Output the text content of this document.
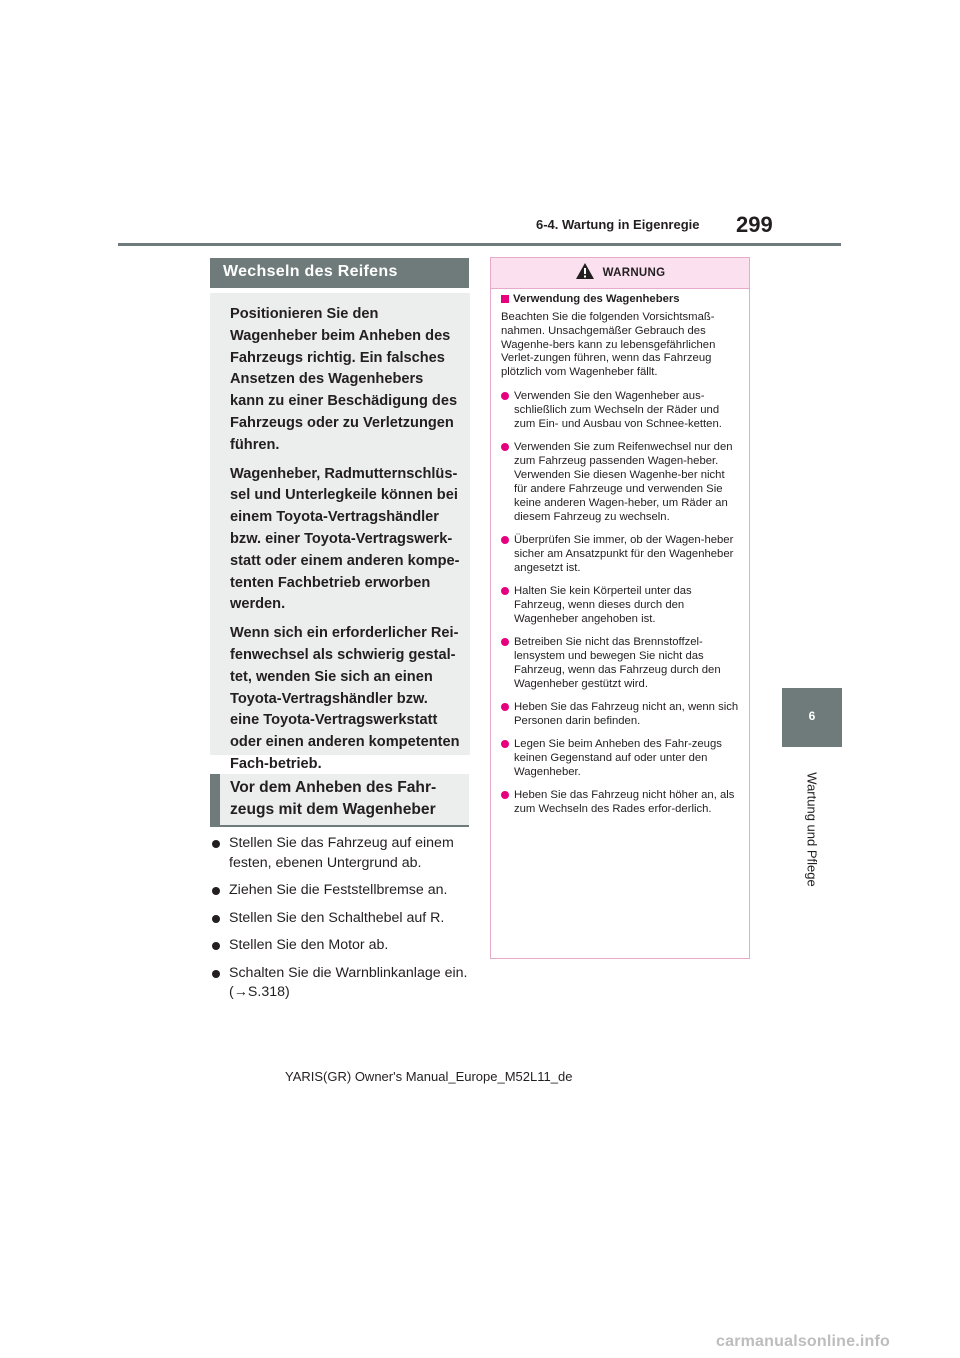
6-4. Wartung in Eigenregie 299
6
Wartung und Pflege
Wechseln des Reifens

Positionieren Sie den Wagenheber beim Anheben des Fahrzeugs richtig. Ein falsches Ansetzen des Wagenhebers kann zu einer Beschädigung des Fahrzeugs oder zu Verletzungen führen.

Wagenheber, Radmutternschlüs-sel und Unterlegkeile können bei einem Toyota-Vertragshändler bzw. einer Toyota-Vertragswerk-statt oder einem anderen kompe-tenten Fachbetrieb erworben werden.

Wenn sich ein erforderlicher Rei-fenwechsel als schwierig gestal-tet, wenden Sie sich an einen Toyota-Vertragshändler bzw. eine Toyota-Vertragswerkstatt oder einen anderen kompetenten Fach-betrieb.

Vor dem Anheben des Fahr-zeugs mit dem Wagenheber
Stellen Sie das Fahrzeug auf einem festen, ebenen Untergrund ab.
Ziehen Sie die Feststellbremse an.
Stellen Sie den Schalthebel auf R.
Stellen Sie den Motor ab.
Schalten Sie die Warnblinkanlage ein. (→S.318)
WARNUNG
Verwendung des Wagenhebers

Beachten Sie die folgenden Vorsichtsmaß-nahmen. Unsachgemäßer Gebrauch des Wagenhe-bers kann zu lebensgefährlichen Verlet-zungen führen, wenn das Fahrzeug plötzlich vom Wagenheber fällt.

Verwenden Sie den Wagenheber aus-schließlich zum Wechseln der Räder und zum Ein- und Ausbau von Schnee-ketten.
Verwenden Sie zum Reifenwechsel nur den zum Fahrzeug passenden Wagen-heber. Verwenden Sie diesen Wagenhe-ber nicht für andere Fahrzeuge und verwenden Sie keine anderen Wagen-heber, um Räder an diesem Fahrzeug zu wechseln.
Überprüfen Sie immer, ob der Wagen-heber sicher am Ansatzpunkt für den Wagenheber angesetzt ist.
Halten Sie kein Körperteil unter das Fahrzeug, wenn dieses durch den Wagenheber angehoben ist.
Betreiben Sie nicht das Brennstoffzel-lensystem und bewegen Sie nicht das Fahrzeug, wenn das Fahrzeug durch den Wagenheber gestützt wird.
Heben Sie das Fahrzeug nicht an, wenn sich Personen darin befinden.
Legen Sie beim Anheben des Fahr-zeugs keinen Gegenstand auf oder unter den Wagenheber.
Heben Sie das Fahrzeug nicht höher an, als zum Wechseln des Rades erfor-derlich.
YARIS(GR) Owner's Manual_Europe_M52L11_de
carmanualsonline.info
